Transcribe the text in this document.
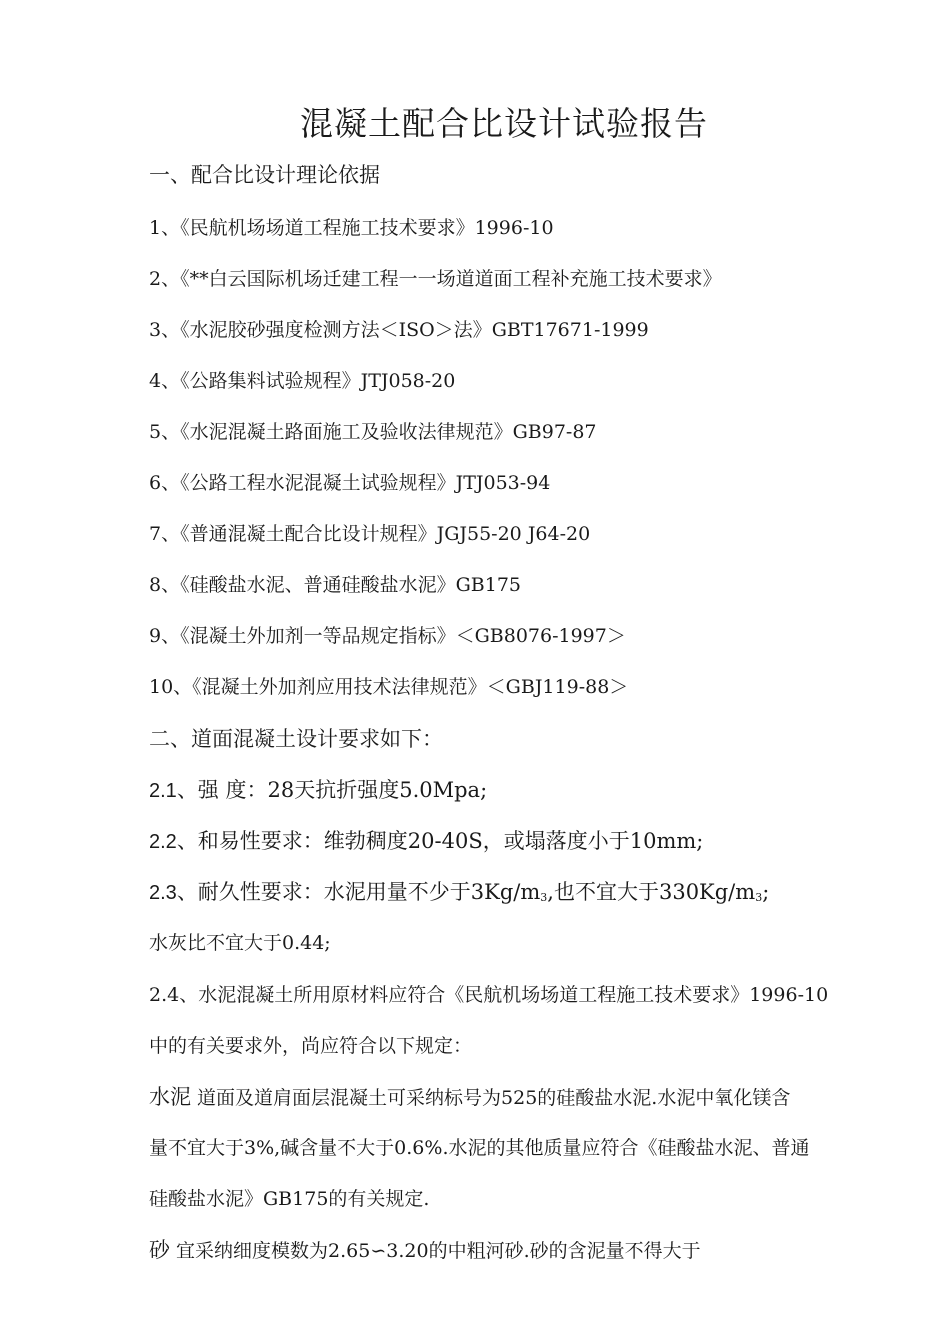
混凝土配合比设计试验报告
一、配合比设计理论依据
1、《民航机场场道工程施工技术要求》1996-10
2、《**白云国际机场迁建工程一一场道道面工程补充施工技术要求》
3、《水泥胶砂强度检测方法＜ISO＞法》GBT17671-1999
4、《公路集料试验规程》JTJ058-20
5、《水泥混凝土路面施工及验收法律规范》GB97-87
6、《公路工程水泥混凝土试验规程》JTJ053-94
7、《普通混凝土配合比设计规程》JGJ55-20 J64-20
8、《硅酸盐水泥、普通硅酸盐水泥》GB175
9、《混凝土外加剂一等品规定指标》＜GB8076-1997＞
10、《混凝土外加剂应用技术法律规范》＜GBJ119-88＞
二、道面混凝土设计要求如下：
2.1、强 度：28天抗折强度5.0Mpa;
2.2、和易性要求：维勃稠度20-40S，或塌落度小于10mm;
2.3、耐久性要求：水泥用量不少于$3Kg/m_3$,也不宜大于$330Kg/m_3$;
水灰比不宜大于0.44;
2.4、水泥混凝土所用原材料应符合《民航机场场道工程施工技术要求》1996-10
中的有关要求外，尚应符合以下规定：
水泥 道面及道肩面层混凝土可采纳标号为525的硅酸盐水泥.水泥中氧化镁含
量不宜大于3%,碱含量不大于0.6%.水泥的其他质量应符合《硅酸盐水泥、普通
硅酸盐水泥》GB175的有关规定.
砂 宜采纳细度模数为2.65∽3.20的中粗河砂.砂的含泥量不得大于
